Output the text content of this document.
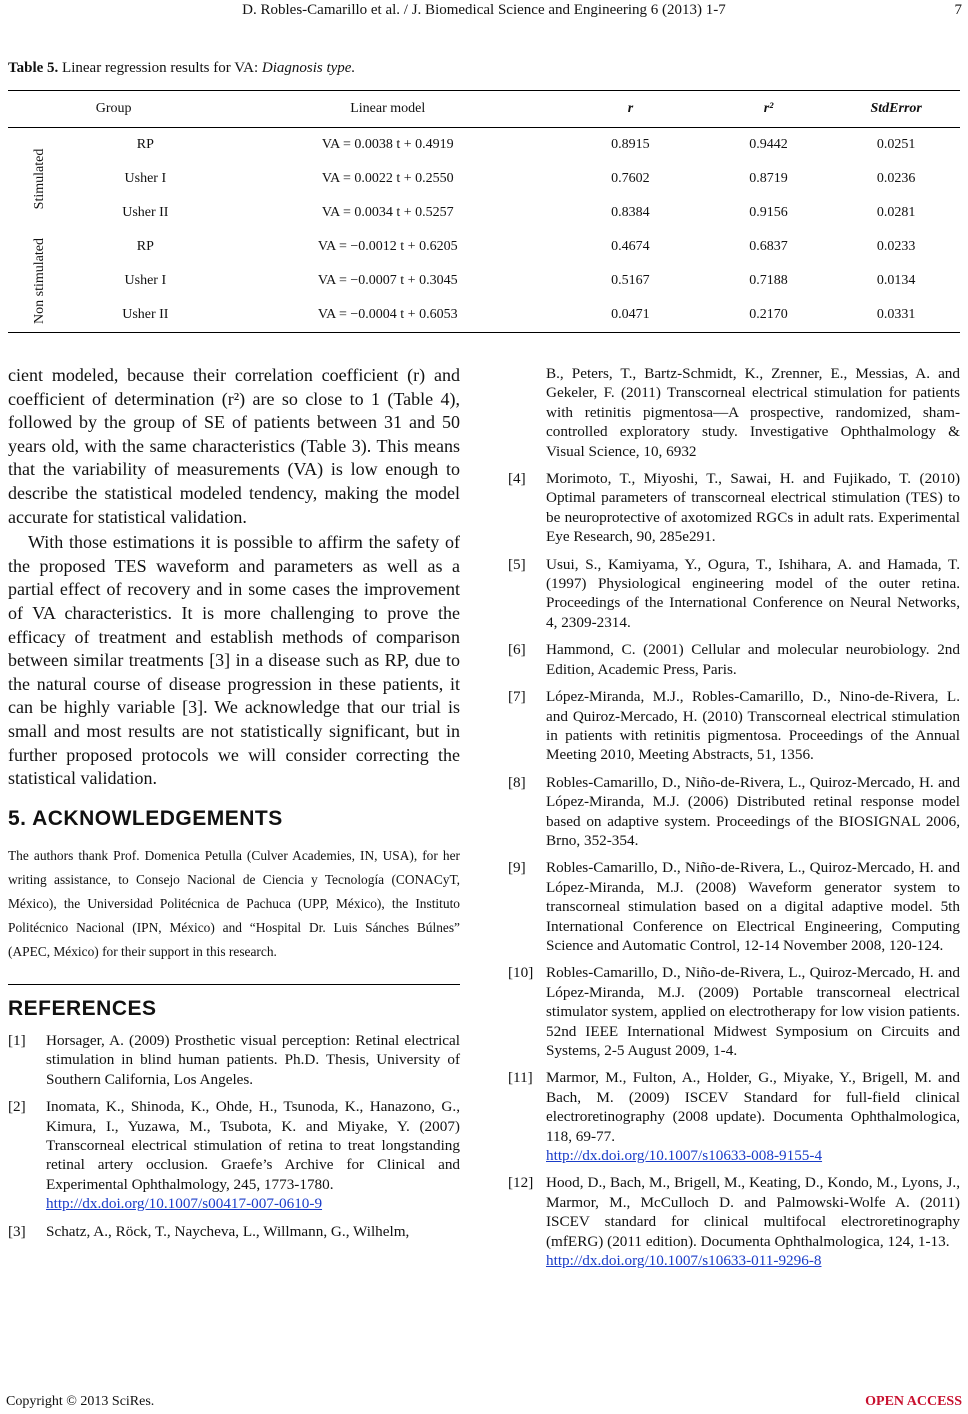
D. Robles-Camarillo et al. / J. Biomedical Science and Engineering 6 (2013) 1-7	7
Table 5. Linear regression results for VA: Diagnosis type.
Group		Linear model	r	r²	StdError

Stimulated	RP	VA = 0.0038 t + 0.4919	0.8915	0.9442	0.0251
	Usher I	VA = 0.0022 t + 0.2550	0.7602	0.8719	0.0236
	Usher II	VA = 0.0034 t + 0.5257	0.8384	0.9156	0.0281

Non stimulated	RP	VA = −0.0012 t + 0.6205	0.4674	0.6837	0.0233
	Usher I	VA = −0.0007 t + 0.3045	0.5167	0.7188	0.0134
	Usher II	VA = −0.0004 t + 0.6053	0.0471	0.2170	0.0331

cient modeled, because their correlation coefficient (r) and coefficient of determination (r²) are so close to 1 (Table 4), followed by the group of SE of patients between 31 and 50 years old, with the same characteristics (Table 3). This means that the variability of measurements (VA) is low enough to describe the statistical modeled tendency, making the model accurate for statistical validation.

With those estimations it is possible to affirm the safety of the proposed TES waveform and parameters as well as a partial effect of recovery and in some cases the improvement of VA characteristics. It is more challenging to prove the efficacy of treatment and establish methods of comparison between similar treatments [3] in a disease such as RP, due to the natural course of disease progression in these patients, it can be highly variable [3]. We acknowledge that our trial is small and most results are not statistically significant, but in further proposed protocols we will consider correcting the statistical validation.

5. ACKNOWLEDGEMENTS

The authors thank Prof. Domenica Petulla (Culver Academies, IN, USA), for her writing assistance, to Consejo Nacional de Ciencia y Tecnología (CONACyT, México), the Universidad Politécnica de Pachuca (UPP, México), the Instituto Politécnico Nacional (IPN, México) and “Hospital Dr. Luis Sánches Búlnes” (APEC, México) for their support in this research.

REFERENCES
[1]	Horsager, A. (2009) Prosthetic visual perception: Retinal electrical stimulation in blind human patients. Ph.D. Thesis, University of Southern California, Los Angeles.
[2]	Inomata, K., Shinoda, K., Ohde, H., Tsunoda, K., Hanazono, G., Kimura, I., Yuzawa, M., Tsubota, K. and Miyake, Y. (2007) Transcorneal electrical stimulation of retina to treat longstanding retinal artery occlusion. Graefe’s Archive for Clinical and Experimental Ophthalmology, 245, 1773-1780.
http://dx.doi.org/10.1007/s00417-007-0610-9
[3]	Schatz, A., Röck, T., Naycheva, L., Willmann, G., Wilhelm,
B., Peters, T., Bartz-Schmidt, K., Zrenner, E., Messias, A. and Gekeler, F. (2011) Transcorneal electrical stimulation for patients with retinitis pigmentosa—A prospective, randomized, sham-controlled exploratory study. Investigative Ophthalmology & Visual Science, 10, 6932
[4]	Morimoto, T., Miyoshi, T., Sawai, H. and Fujikado, T. (2010) Optimal parameters of transcorneal electrical stimulation (TES) to be neuroprotective of axotomized RGCs in adult rats. Experimental Eye Research, 90, 285e291.
[5]	Usui, S., Kamiyama, Y., Ogura, T., Ishihara, A. and Hamada, T. (1997) Physiological engineering model of the outer retina. Proceedings of the International Conference on Neural Networks, 4, 2309-2314.
[6]	Hammond, C. (2001) Cellular and molecular neurobiology. 2nd Edition, Academic Press, Paris.
[7]	López-Miranda, M.J., Robles-Camarillo, D., Nino-de-Rivera, L. and Quiroz-Mercado, H. (2010) Transcorneal electrical stimulation in patients with retinitis pigmentosa. Proceedings of the Annual Meeting 2010, Meeting Abstracts, 51, 1356.
[8]	Robles-Camarillo, D., Niño-de-Rivera, L., Quiroz-Mercado, H. and López-Miranda, M.J. (2006) Distributed retinal response model based on adaptive system. Proceedings of the BIOSIGNAL 2006, Brno, 352-354.
[9]	Robles-Camarillo, D., Niño-de-Rivera, L., Quiroz-Mercado, H. and López-Miranda, M.J. (2008) Waveform generator system to transcorneal stimulation based on a digital adaptive model. 5th International Conference on Electrical Engineering, Computing Science and Automatic Control, 12-14 November 2008, 120-124.
[10] Robles-Camarillo, D., Niño-de-Rivera, L., Quiroz-Mercado, H. and López-Miranda, M.J. (2009) Portable transcorneal electrical stimulator system, applied on electrotherapy for low vision patients. 52nd IEEE International Midwest Symposium on Circuits and Systems, 2-5 August 2009, 1-4.
[11] Marmor, M., Fulton, A., Holder, G., Miyake, Y., Brigell, M. and Bach, M. (2009) ISCEV Standard for full-field clinical electroretinography (2008 update). Documenta Ophthalmologica, 118, 69-77.
http://dx.doi.org/10.1007/s10633-008-9155-4
[12] Hood, D., Bach, M., Brigell, M., Keating, D., Kondo, M., Lyons, J., Marmor, M., McCulloch D. and Palmowski-Wolfe A. (2011) ISCEV standard for clinical multifocal electroretinography (mfERG) (2011 edition). Documenta Ophthalmologica, 124, 1-13.
http://dx.doi.org/10.1007/s10633-011-9296-8
Copyright © 2013 SciRes.	OPEN ACCESS
